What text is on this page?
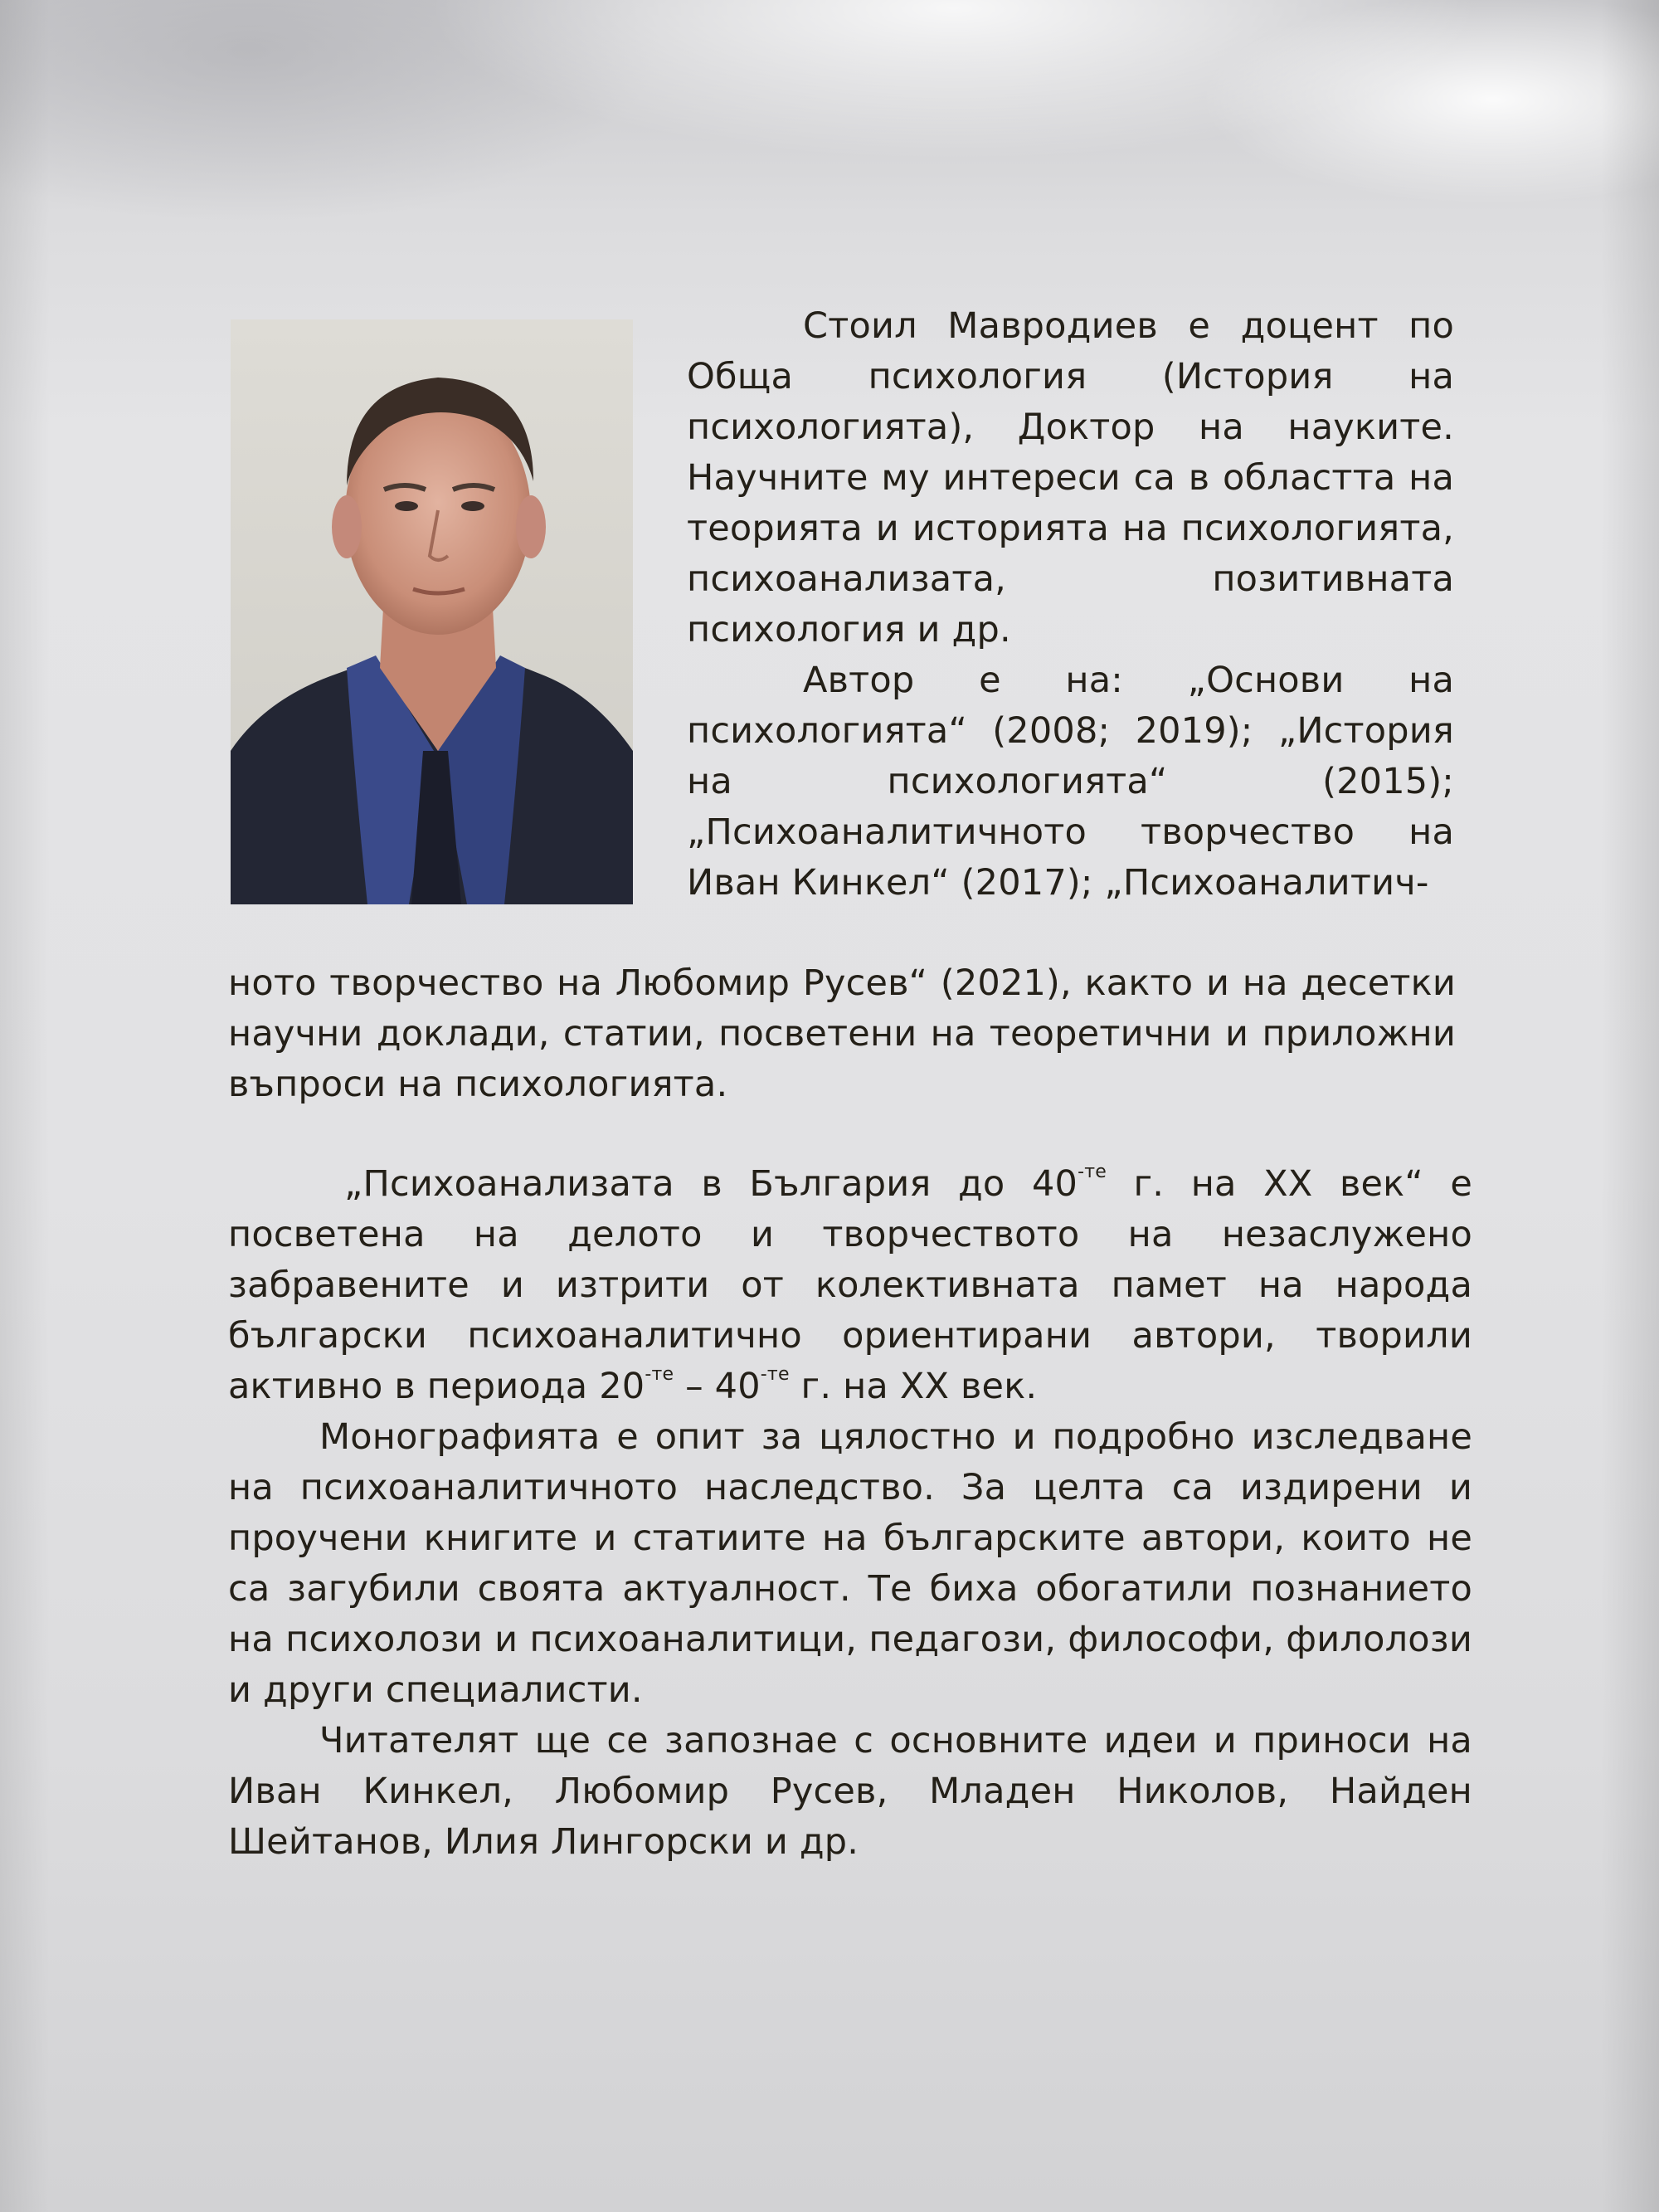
Стоил Мавродиев е доцент по Обща психология (История на психологията), Доктор на науките. Научните му интереси са в областта на теорията и историята на психологията, психоанализата, позитивната психология и др.

Автор е на: „Основи на психологията“ (2008; 2019); „История на психологията“ (2015); „Психоаналитичното творчество на Иван Кинкел“ (2017); „Психоаналитич-

ното творчество на Любомир Русев“ (2021), както и на десетки научни доклади, статии, посветени на теоретични и приложни въпроси на психологията.

„Психоанализата в България до $40^{-те}$ г. на XX век“ е посветена на делото и творчеството на незаслужено забравените и изтрити от колективната памет на народа български психоаналитично ориентирани автори, творили активно в периода $20^{-те} - 40^{-те}$ г. на XX век.

Монографията е опит за цялостно и подробно изследване на психоаналитичното наследство. За целта са издирени и проучени книгите и статиите на българските автори, които не са загубили своята актуалност. Те биха обогатили познанието на психолози и психоаналитици, педагози, философи, филолози и други специалисти.

Читателят ще се запознае с основните идеи и приноси на Иван Кинкел, Любомир Русев, Младен Николов, Найден Шейтанов, Илия Лингорски и др.
